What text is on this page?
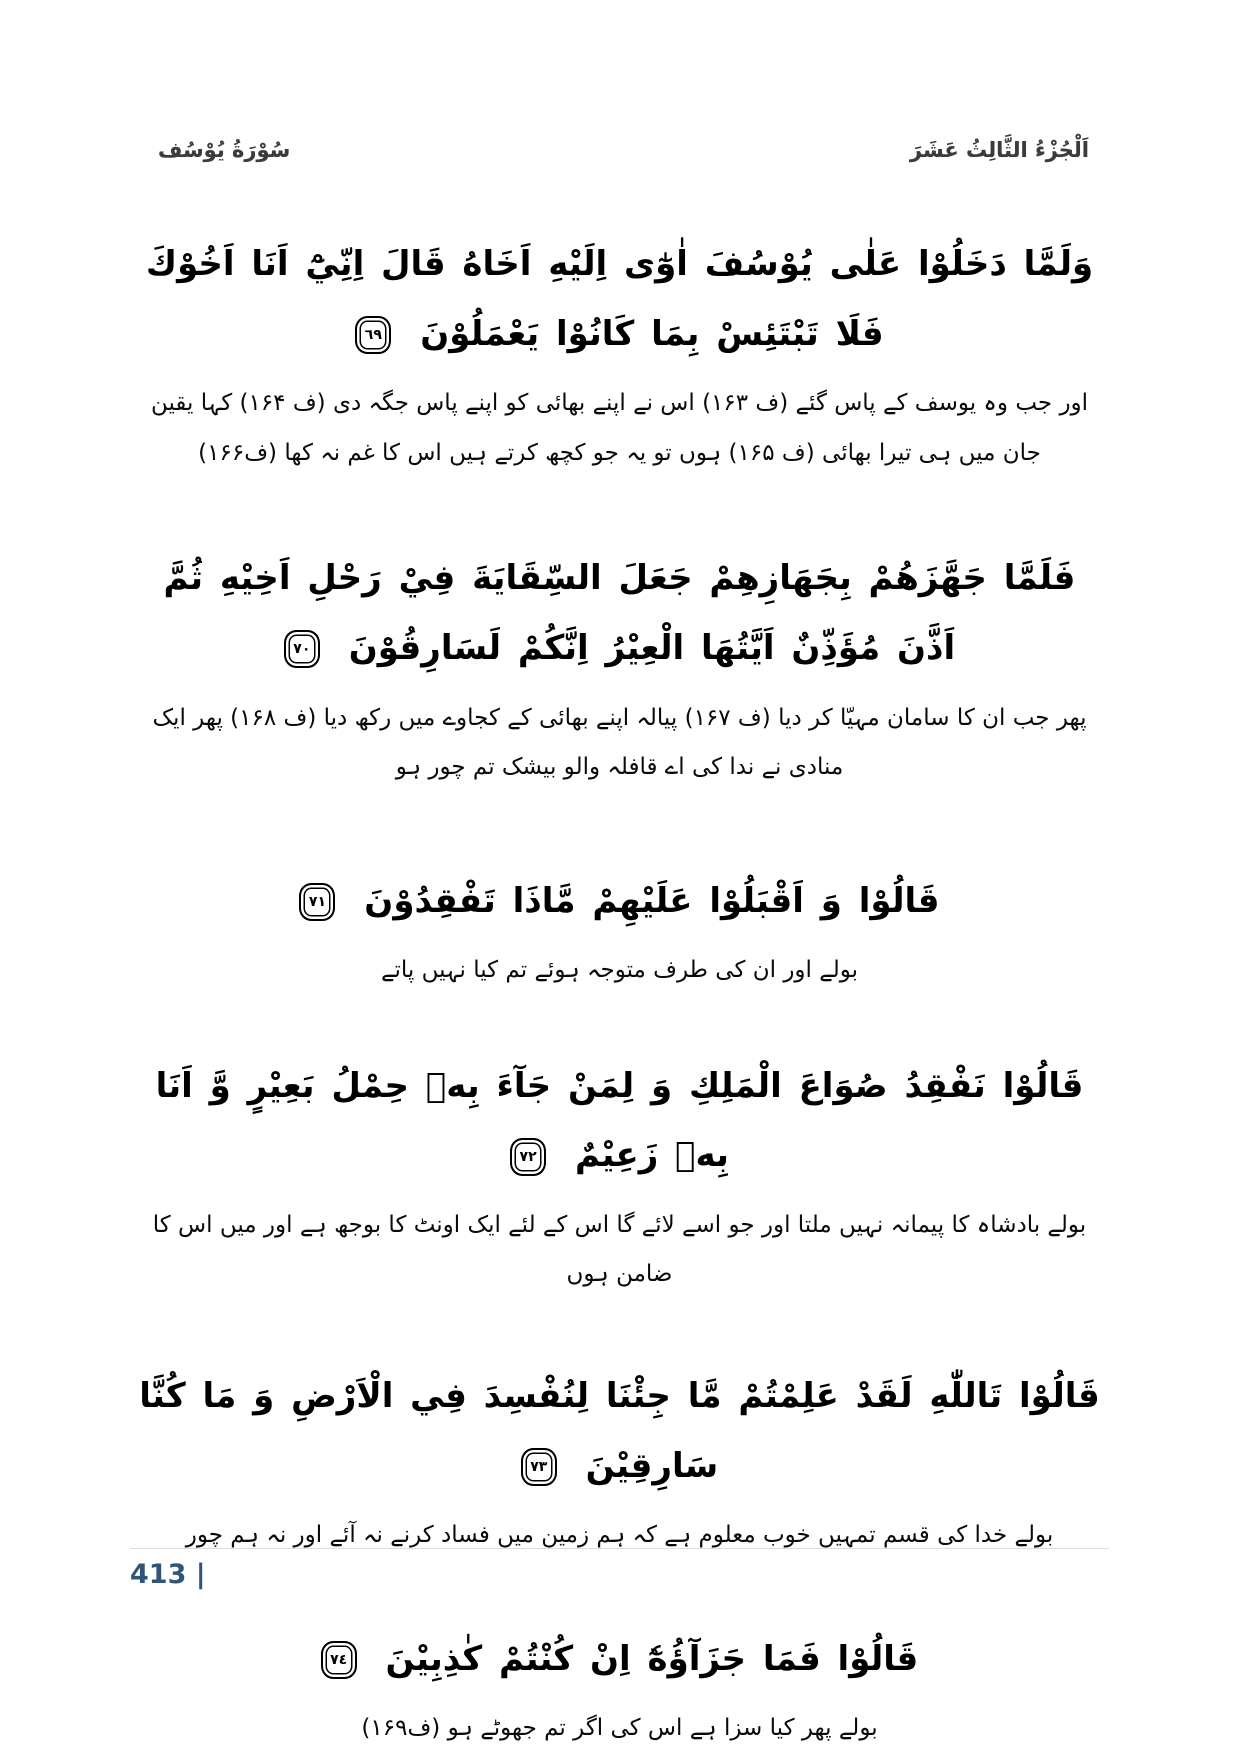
اَلْجُزْءُ الثَّالِثُ عَشَرَ
سُوْرَةُ يُوْسُف

وَلَمَّا دَخَلُوْا عَلٰى يُوْسُفَ اٰوٰٓى اِلَيْهِ اَخَاهُ قَالَ اِنِّيْٓ اَنَا اَخُوْكَ فَلَا تَبْتَئِسْ بِمَا كَانُوْا يَعْمَلُوْنَ ٦٩

اور جب وہ یوسف کے پاس گئے (ف ۱۶۳) اس نے اپنے بھائی کو اپنے پاس جگہ دی (ف ۱۶۴) کہا یقین جان میں ہی تیرا بھائی (ف ۱۶۵) ہوں تو یہ جو کچھ کرتے ہیں اس کا غم نہ کھا (ف۱۶۶)

فَلَمَّا جَهَّزَهُمْ بِجَهَازِهِمْ جَعَلَ السِّقَايَةَ فِيْ رَحْلِ اَخِيْهِ ثُمَّ اَذَّنَ مُؤَذِّنٌ اَيَّتُهَا الْعِيْرُ اِنَّكُمْ لَسَارِقُوْنَ ٧٠

پھر جب ان کا سامان مہیّا کر دیا (ف ۱۶۷) پیالہ اپنے بھائی کے کجاوے میں رکھ دیا (ف ۱۶۸) پھر ایک منادی نے ندا کی اے قافلہ والو بیشک تم چور ہو

قَالُوْا وَ اَقْبَلُوْا عَلَيْهِمْ مَّاذَا تَفْقِدُوْنَ ٧١

بولے اور ان کی طرف متوجہ ہوئے تم کیا نہیں پاتے

قَالُوْا نَفْقِدُ صُوَاعَ الْمَلِكِ وَ لِمَنْ جَآءَ بِهٖ حِمْلُ بَعِيْرٍ وَّ اَنَا بِهٖ زَعِيْمٌ ٧٢

بولے بادشاہ کا پیمانہ نہیں ملتا اور جو اسے لائے گا اس کے لئے ایک اونٹ کا بوجھ ہے اور میں اس کا ضامن ہوں

قَالُوْا تَاللّٰهِ لَقَدْ عَلِمْتُمْ مَّا جِئْنَا لِنُفْسِدَ فِي الْاَرْضِ وَ مَا كُنَّا سَارِقِيْنَ ٧٣

بولے خدا کی قسم تمہیں خوب معلوم ہے کہ ہم زمین میں فساد کرنے نہ آئے اور نہ ہم چور

قَالُوْا فَمَا جَزَآؤُهٗٓ اِنْ كُنْتُمْ كٰذِبِيْنَ ٧٤

بولے پھر کیا سزا ہے اس کی اگر تم جھوٹے ہو (ف۱۶۹)

413 |
